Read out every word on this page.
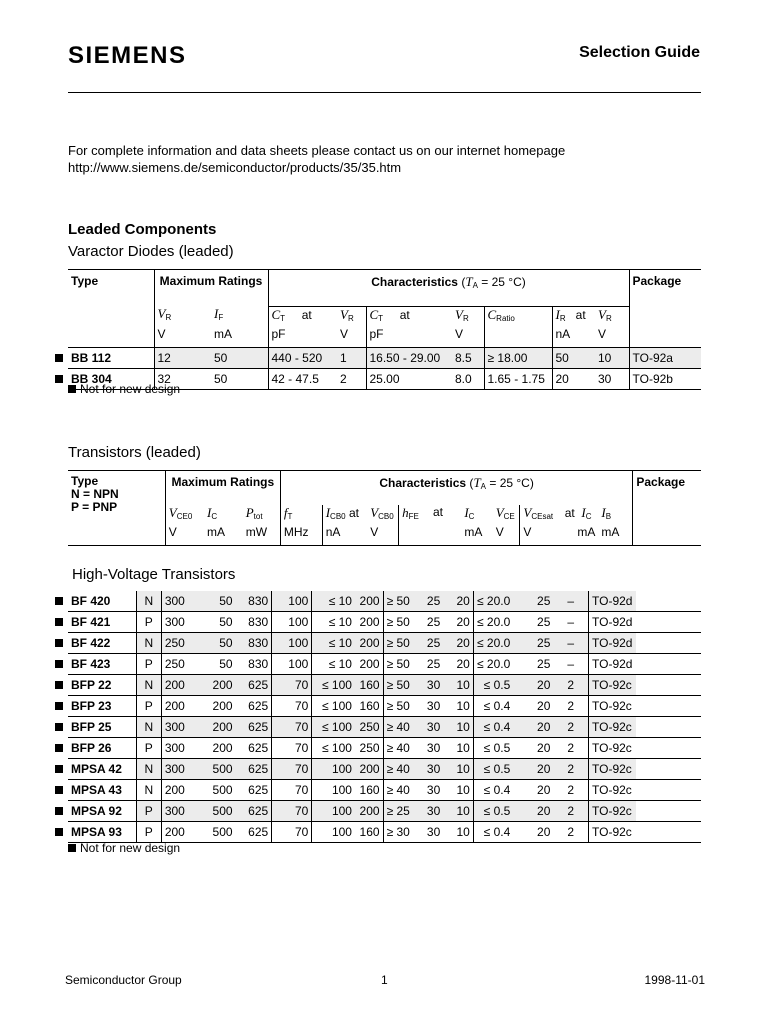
SIEMENS	Selection Guide
For complete information and data sheets please contact us on our internet homepage
http://www.siemens.de/semiconductor/products/35/35.htm
Leaded Components
Varactor Diodes (leaded)
Type	Maximum Ratings		Characteristics ($T_A = 25$ °C)							Package
	$V_R$	$I_F$	$C_T$ at	$V_R$	$C_T$ at	$V_R$	$C_{Ratio}$	$I_R$ at	$V_R$	
	V	mA	pF	V	pF	V		nA	V	

BB 112	12	50	440 - 520	1	16.50 - 29.00	8.5	≥ 18.00	50	10	TO-92a

BB 304	32	50	42 - 47.5	2	25.00	8.0	1.65 - 1.75	20	30	TO-92b
Not for new design
Transistors (leaded)
Type
N = NPN
P = PNP	Maximum Ratings			Characteristics ($T_A = 25$ °C)										Package
	$V_{CE0}$	$I_C$	$P_{tot}$	$f_T$	$I_{CB0}$ at	$V_{CB0}$	$h_{FE}$	at	$I_C$	$V_{CE}$	$V_{CEsat}$	at $I_C$	$I_B$	
	V	mA	mW	MHz	nA	V			mA	V	V	mA	mA	
High-Voltage Transistors
BF 420	N	300	50	830	100	≤ 10	200	≥ 50	25	20	≤ 20.0	25	–	TO-92d

BF 421	P	300	50	830	100	≤ 10	200	≥ 50	25	20	≤ 20.0	25	–	TO-92d

BF 422	N	250	50	830	100	≤ 10	200	≥ 50	25	20	≤ 20.0	25	–	TO-92d

BF 423	P	250	50	830	100	≤ 10	200	≥ 50	25	20	≤ 20.0	25	–	TO-92d

BFP 22	N	200	200	625	70	≤ 100	160	≥ 50	30	10	≤ 0.5	20	2	TO-92c

BFP 23	P	200	200	625	70	≤ 100	160	≥ 50	30	10	≤ 0.4	20	2	TO-92c

BFP 25	N	300	200	625	70	≤ 100	250	≥ 40	30	10	≤ 0.4	20	2	TO-92c

BFP 26	P	300	200	625	70	≤ 100	250	≥ 40	30	10	≤ 0.5	20	2	TO-92c

MPSA 42	N	300	500	625	70	100	200	≥ 40	30	10	≤ 0.5	20	2	TO-92c

MPSA 43	N	200	500	625	70	100	160	≥ 40	30	10	≤ 0.4	20	2	TO-92c

MPSA 92	P	300	500	625	70	100	200	≥ 25	30	10	≤ 0.5	20	2	TO-92c

MPSA 93	P	200	500	625	70	100	160	≥ 30	30	10	≤ 0.4	20	2	TO-92c
Not for new design
Semiconductor Group	1	1998-11-01
